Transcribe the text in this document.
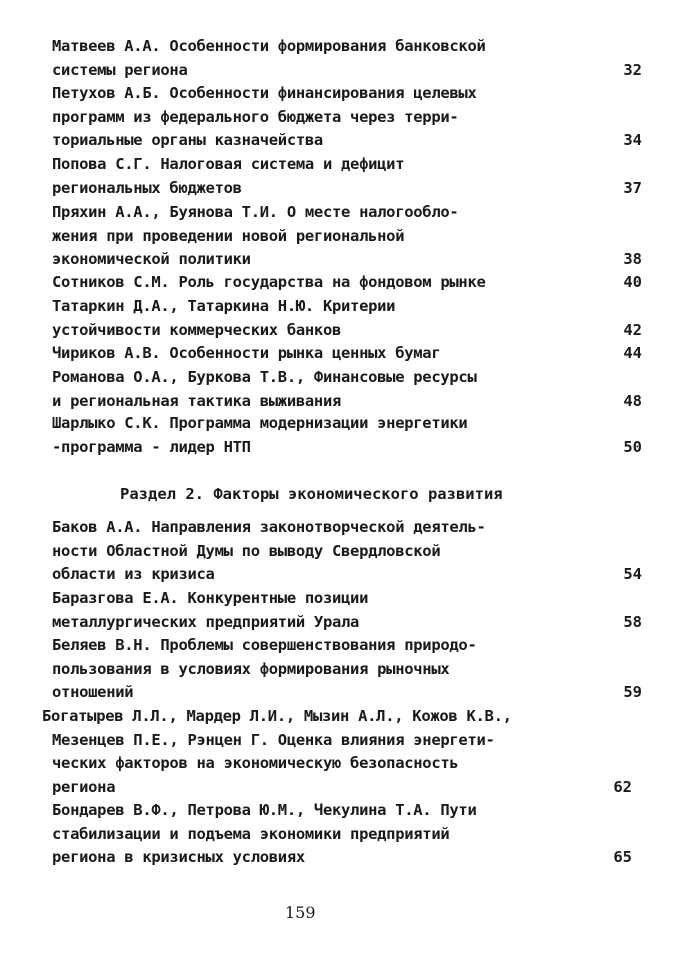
Матвеев А.А. Особенности формирования банковской
системы региона	32
Петухов А.Б. Особенности финансирования целевых
программ из федерального бюджета через терри-
ториальные органы казначейства	34
Попова С.Г. Налоговая система и дефицит
региональных бюджетов	37
Пряхин А.А., Буянова Т.И. О месте налогообло-
жения при проведении новой региональной
экономической политики	38
Сотников С.М. Роль государства на фондовом рынке	40
Татаркин Д.А., Татаркина Н.Ю. Критерии
устойчивости коммерческих банков	42
Чириков А.В. Особенности рынка ценных бумаг	44
Романова О.А., Буркова Т.В., Финансовые ресурсы
и региональная тактика выживания	48
Шарлыко С.К. Программа модернизации энергетики
-программа - лидер НТП	50
Раздел 2. Факторы экономического развития
Баков А.А. Направления законотворческой деятель-
ности Областной Думы по выводу Свердловской
области из кризиса	54
Баразгова Е.А. Конкурентные позиции
металлургических предприятий Урала	58
Беляев В.Н. Проблемы совершенствования природо-
пользования в условиях формирования рыночных
отношений	59
Богатырев Л.Л., Мардер Л.И., Мызин А.Л., Кожов К.В.,
Мезенцев П.Е., Рэнцен Г. Оценка влияния энергети-
ческих факторов на экономическую безопасность
региона	62
Бондарев В.Ф., Петрова Ю.М., Чекулина Т.А. Пути
стабилизации и подъема экономики предприятий
региона в кризисных условиях	65
159
